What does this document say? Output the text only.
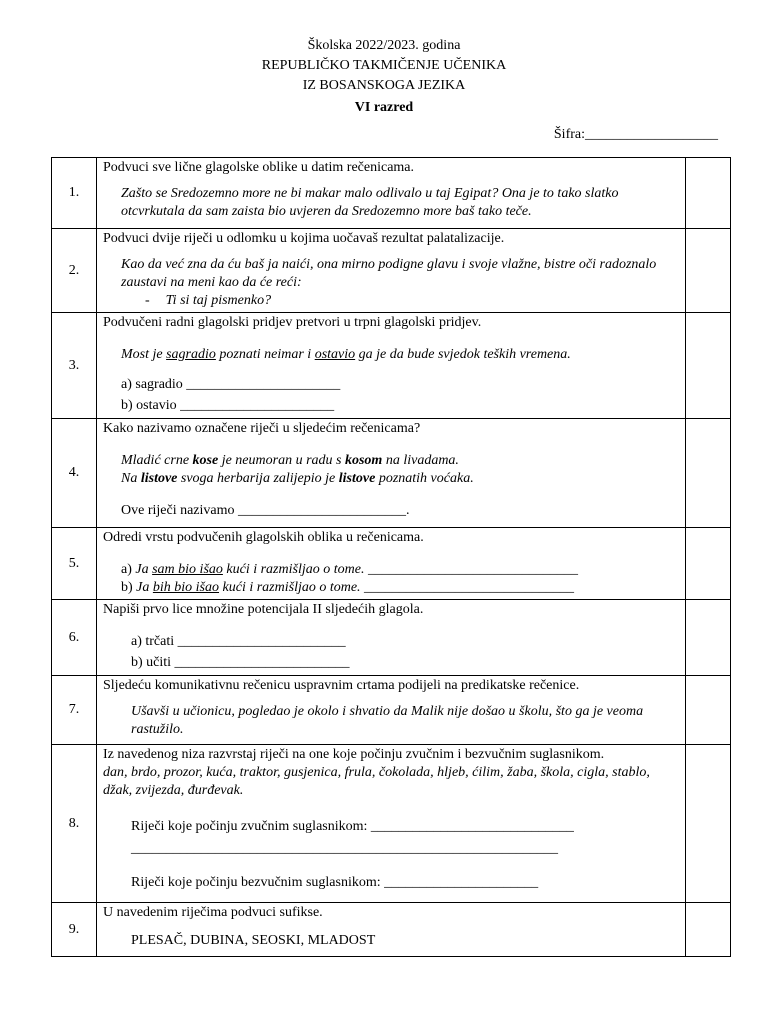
Školska 2022/2023. godina
REPUBLIČKO TAKMIČENJE UČENIKA
IZ BOSANSKOGA JEZIKA
VI razred
Šifra:___________________
1.	Podvuci sve lične glagolske oblike u datim rečenicama.
Zašto se Sredozemno more ne bi makar malo odlivalo u taj Egipat? Ona je to tako slatko otcvrkutala da sam zaista bio uvjeren da Sredozemno more baš tako teče.	

2.	Podvuci dvije riječi u odlomku u kojima uočavaš rezultat palatalizacije.
Kao da već zna da ću baš ja naići, ona mirno podigne glavu i svoje vlažne, bistre oči radoznalo zaustavi na meni kao da će reći:
- Ti si taj pismenko?	

3.	Podvučeni radni glagolski pridjev pretvori u trpni glagolski pridjev.
Most je sagradio poznati neimar i ostavio ga je da bude svjedok teških vremena.
a) sagradio ______________________
b) ostavio ______________________	

4.	Kako nazivamo označene riječi u sljedećim rečenicama?
Mladić crne kose je neumoran u radu s kosom na livadama.
Na listove svoga herbarija zalijepio je listove poznatih voćaka.
Ove riječi nazivamo ________________________.	

5.	Odredi vrstu podvučenih glagolskih oblika u rečenicama.
a) Ja sam bio išao kući i razmišljao o tome. ______________________________
b) Ja bih bio išao kući i razmišljao o tome. ______________________________	

6.	Napiši prvo lice množine potencijala II sljedećih glagola.
a) trčati ________________________
b) učiti _________________________	

7.	Sljedeću komunikativnu rečenicu uspravnim crtama podijeli na predikatske rečenice.
Ušavši u učionicu, pogledao je okolo i shvatio da Malik nije došao u školu, što ga je veoma rastužilo.	

8.	Iz navedenog niza razvrstaj riječi na one koje počinju zvučnim i bezvučnim suglasnikom.
dan, brdo, prozor, kuća, traktor, gusjenica, frula, čokolada, hljeb, ćilim, žaba, škola, cigla, stablo, džak, zvijezda, đurđevak.
Riječi koje počinju zvučnim suglasnikom: _____________________________
_____________________________________________________________
Riječi koje počinju bezvučnim suglasnikom: ______________________	

9.	U navedenim riječima podvuci sufikse.
PLESAČ, DUBINA, SEOSKI, MLADOST	
